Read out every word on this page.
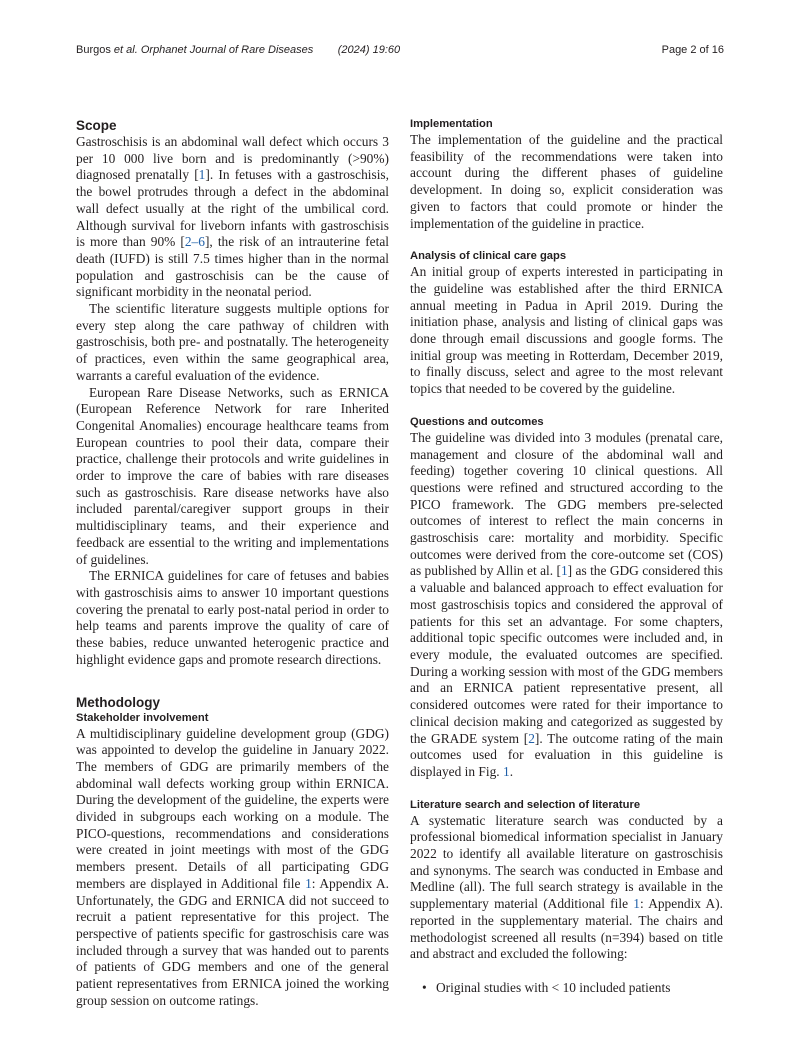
Burgos et al. Orphanet Journal of Rare Diseases (2024) 19:60	Page 2 of 16
Scope

Gastroschisis is an abdominal wall defect which occurs 3 per 10 000 live born and is predominantly (>90%) diagnosed prenatally [1]. In fetuses with a gastroschisis, the bowel protrudes through a defect in the abdominal wall defect usually at the right of the umbilical cord. Although survival for liveborn infants with gastroschisis is more than 90% [2–6], the risk of an intrauterine fetal death (IUFD) is still 7.5 times higher than in the normal population and gastroschisis can be the cause of significant morbidity in the neonatal period.

The scientific literature suggests multiple options for every step along the care pathway of children with gastroschisis, both pre- and postnatally. The heterogeneity of practices, even within the same geographical area, warrants a careful evaluation of the evidence.

European Rare Disease Networks, such as ERNICA (European Reference Network for rare Inherited Congenital Anomalies) encourage healthcare teams from European countries to pool their data, compare their practice, challenge their protocols and write guidelines in order to improve the care of babies with rare diseases such as gastroschisis. Rare disease networks have also included parental/caregiver support groups in their multidisciplinary teams, and their experience and feedback are essential to the writing and implementations of guidelines.

The ERNICA guidelines for care of fetuses and babies with gastroschisis aims to answer 10 important questions covering the prenatal to early post-natal period in order to help teams and parents improve the quality of care of these babies, reduce unwanted heterogenic practice and highlight evidence gaps and promote research directions.

Methodology
Stakeholder involvement

A multidisciplinary guideline development group (GDG) was appointed to develop the guideline in January 2022. The members of GDG are primarily members of the abdominal wall defects working group within ERNICA. During the development of the guideline, the experts were divided in subgroups each working on a module. The PICO-questions, recommendations and considerations were created in joint meetings with most of the GDG members present. Details of all participating GDG members are displayed in Additional file 1: Appendix A. Unfortunately, the GDG and ERNICA did not succeed to recruit a patient representative for this project. The perspective of patients specific for gastroschisis care was included through a survey that was handed out to parents of patients of GDG members and one of the general patient representatives from ERNICA joined the working group session on outcome ratings.

Implementation

The implementation of the guideline and the practical feasibility of the recommendations were taken into account during the different phases of guideline development. In doing so, explicit consideration was given to factors that could promote or hinder the implementation of the guideline in practice.

Analysis of clinical care gaps

An initial group of experts interested in participating in the guideline was established after the third ERNICA annual meeting in Padua in April 2019. During the initiation phase, analysis and listing of clinical gaps was done through email discussions and google forms. The initial group was meeting in Rotterdam, December 2019, to finally discuss, select and agree to the most relevant topics that needed to be covered by the guideline.

Questions and outcomes

The guideline was divided into 3 modules (prenatal care, management and closure of the abdominal wall and feeding) together covering 10 clinical questions. All questions were refined and structured according to the PICO framework. The GDG members pre-selected outcomes of interest to reflect the main concerns in gastroschisis care: mortality and morbidity. Specific outcomes were derived from the core-outcome set (COS) as published by Allin et al. [1] as the GDG considered this a valuable and balanced approach to effect evaluation for most gastroschisis topics and considered the approval of patients for this set an advantage. For some chapters, additional topic specific outcomes were included and, in every module, the evaluated outcomes are specified. During a working session with most of the GDG members and an ERNICA patient representative present, all considered outcomes were rated for their importance to clinical decision making and categorized as suggested by the GRADE system [2]. The outcome rating of the main outcomes used for evaluation in this guideline is displayed in Fig. 1.

Literature search and selection of literature

A systematic literature search was conducted by a professional biomedical information specialist in January 2022 to identify all available literature on gastroschisis and synonyms. The search was conducted in Embase and Medline (all). The full search strategy is available in the supplementary material (Additional file 1: Appendix A). reported in the supplementary material. The chairs and methodologist screened all results (n=394) based on title and abstract and excluded the following:

• Original studies with < 10 included patients
